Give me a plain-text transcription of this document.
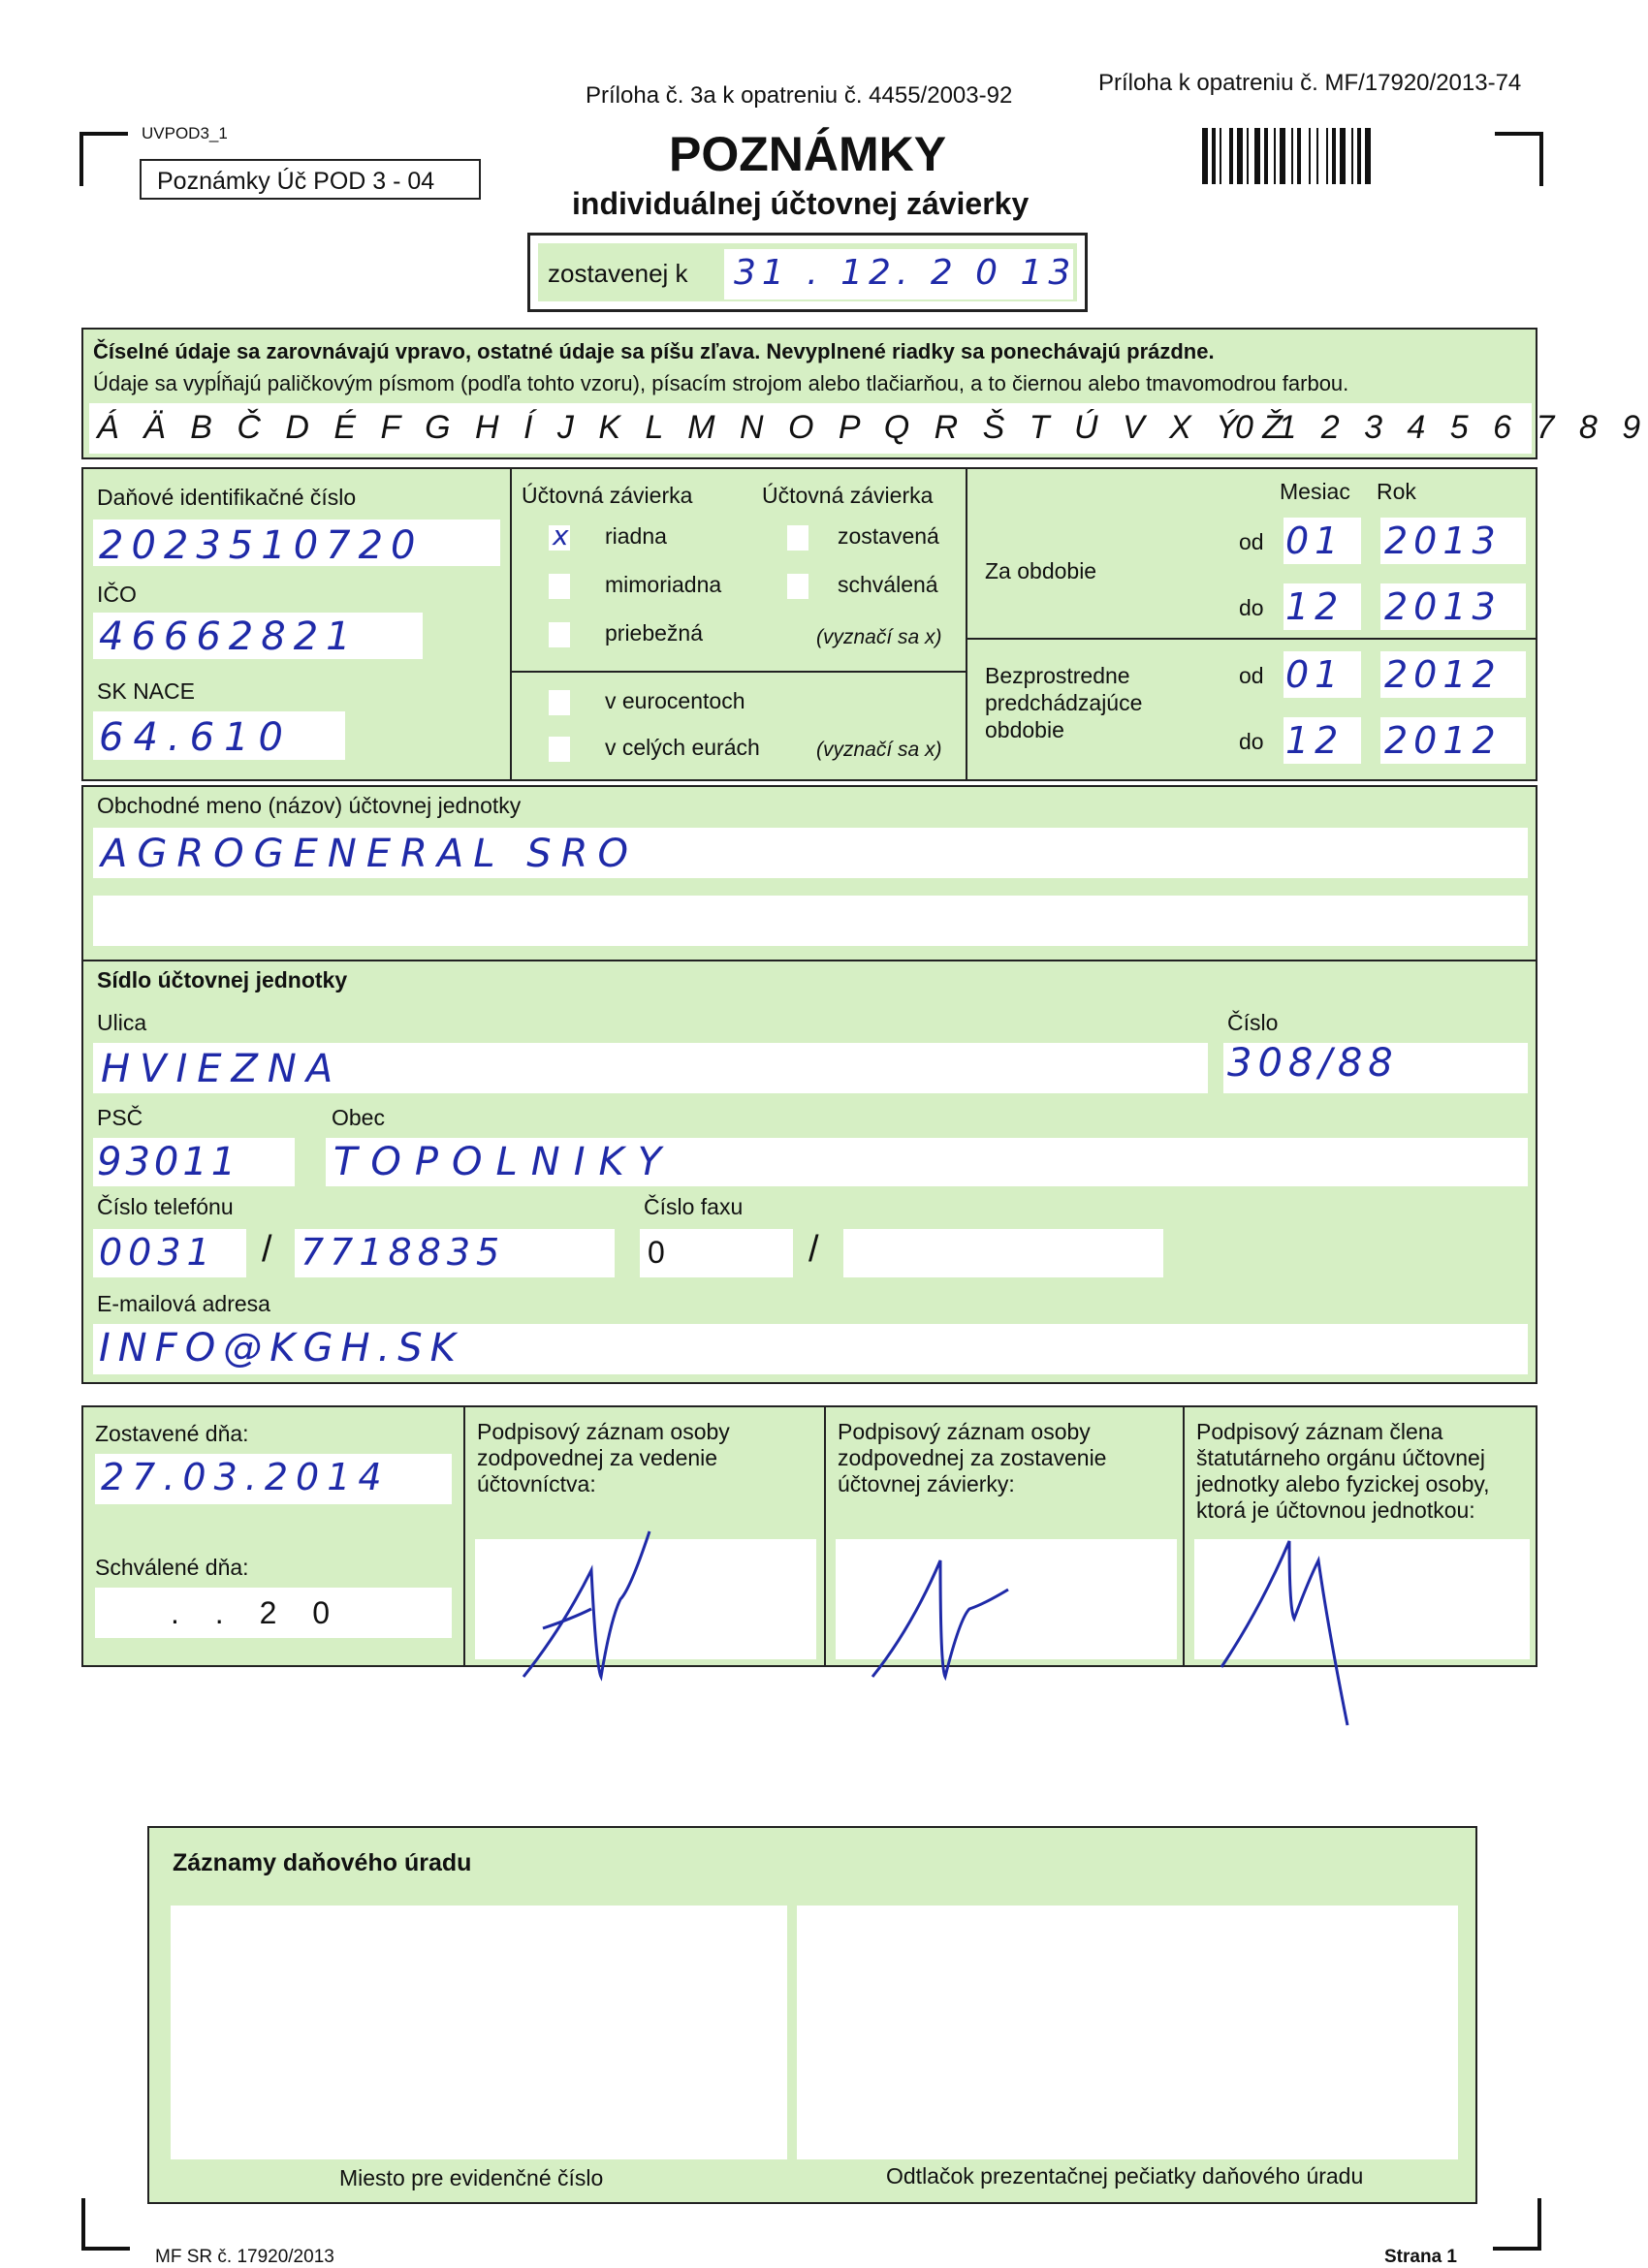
Príloha č. 3a k opatreniu č. 4455/2003-92	Príloha k opatreniu č. MF/17920/2013-74
UVPOD3_1
Poznámky Úč POD 3 - 04	POZNÁMKY
individuálnej účtovnej závierky
zostavenej k 31 . 12. 2 0 13
Číselné údaje sa zarovnávajú vpravo, ostatné údaje sa píšu zľava. Nevyplnené riadky sa ponechávajú prázdne.
Údaje sa vypĺňajú paličkovým písmom (podľa tohto vzoru), písacím strojom alebo tlačiarňou, a to čiernou alebo tmavomodrou farbou.
Á Ä B Č D É F G H Í J K L M N O P Q R Š T Ú V X Ý Ž
0 1 2 3 4 5 6 7 8 9
Daňové identifikačné číslo
2023510720
IČO
46662821
SK NACE
64.610
Účtovná závierka	Účtovná závierka
x riadna
mimoriadna
priebežná
zostavená
schválená
(vyznačí sa x)
v eurocentoch
v celých eurách	(vyznačí sa x)
Mesiac Rok
Za obdobie
od 01 2013
do 12 2013
Bezprostredne
predchádzajúce
obdobie
od 01 2012
do 12 2012
Obchodné meno (názov) účtovnej jednotky
AGROGENERAL SRO
Sídlo účtovnej jednotky
Ulica	Číslo
HVIEZNA	308/88
PSČ	Obec
93011 TOPOLNIKY
Číslo telefónu	Číslo faxu
0031 / 7718835	0	/
E-mailová adresa
INFO@KGH.SK
Zostavené dňa:
27.03.2014
Schválené dňa:
. . 2 0
Podpisový záznam osoby zodpovednej za vedenie účtovníctva:
Podpisový záznam osoby zodpovednej za zostavenie účtovnej závierky:
Podpisový záznam člena štatutárneho orgánu účtovnej jednotky alebo fyzickej osoby, ktorá je účtovnou jednotkou:
Záznamy daňového úradu
Miesto pre evidenčné číslo	Odtlačok prezentačnej pečiatky daňového úradu
MF SR č. 17920/2013	Strana 1
